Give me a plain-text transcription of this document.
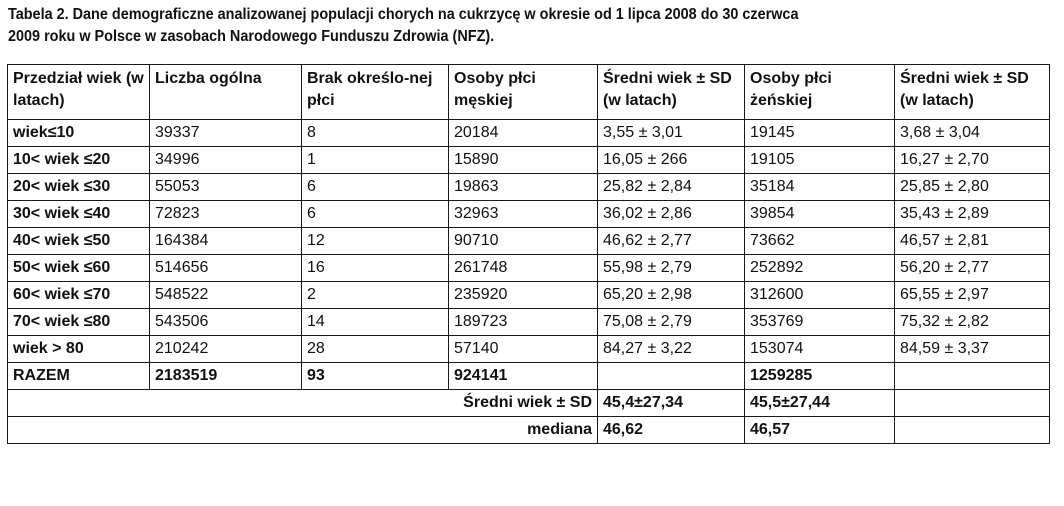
Tabela 2. Dane demograficzne analizowanej populacji chorych na cukrzycę w okresie od 1 lipca 2008 do 30 czerwca
2009 roku w Polsce w zasobach Narodowego Funduszu Zdrowia (NFZ).
Przedział wiek (w latach)	Liczba ogólna	Brak określo-nej płci	Osoby płci męskiej	Średni wiek ± SD (w latach)	Osoby płci żeńskiej	Średni wiek ± SD (w latach)
wiek≤10	39337	8	20184	3,55 ± 3,01	19145	3,68 ± 3,04
10< wiek ≤20	34996	1	15890	16,05 ± 266	19105	16,27 ± 2,70
20< wiek ≤30	55053	6	19863	25,82 ± 2,84	35184	25,85 ± 2,80
30< wiek ≤40	72823	6	32963	36,02 ± 2,86	39854	35,43 ± 2,89
40< wiek ≤50	164384	12	90710	46,62 ± 2,77	73662	46,57 ± 2,81
50< wiek ≤60	514656	16	261748	55,98 ± 2,79	252892	56,20 ± 2,77
60< wiek ≤70	548522	2	235920	65,20 ± 2,98	312600	65,55 ± 2,97
70< wiek ≤80	543506	14	189723	75,08 ± 2,79	353769	75,32 ± 2,82
wiek > 80	210242	28	57140	84,27 ± 3,22	153074	84,59 ± 3,37
RAZEM	2183519	93	924141		1259285	
Średni wiek ± SD				45,4±27,34	45,5±27,44	
mediana				46,62	46,57	
